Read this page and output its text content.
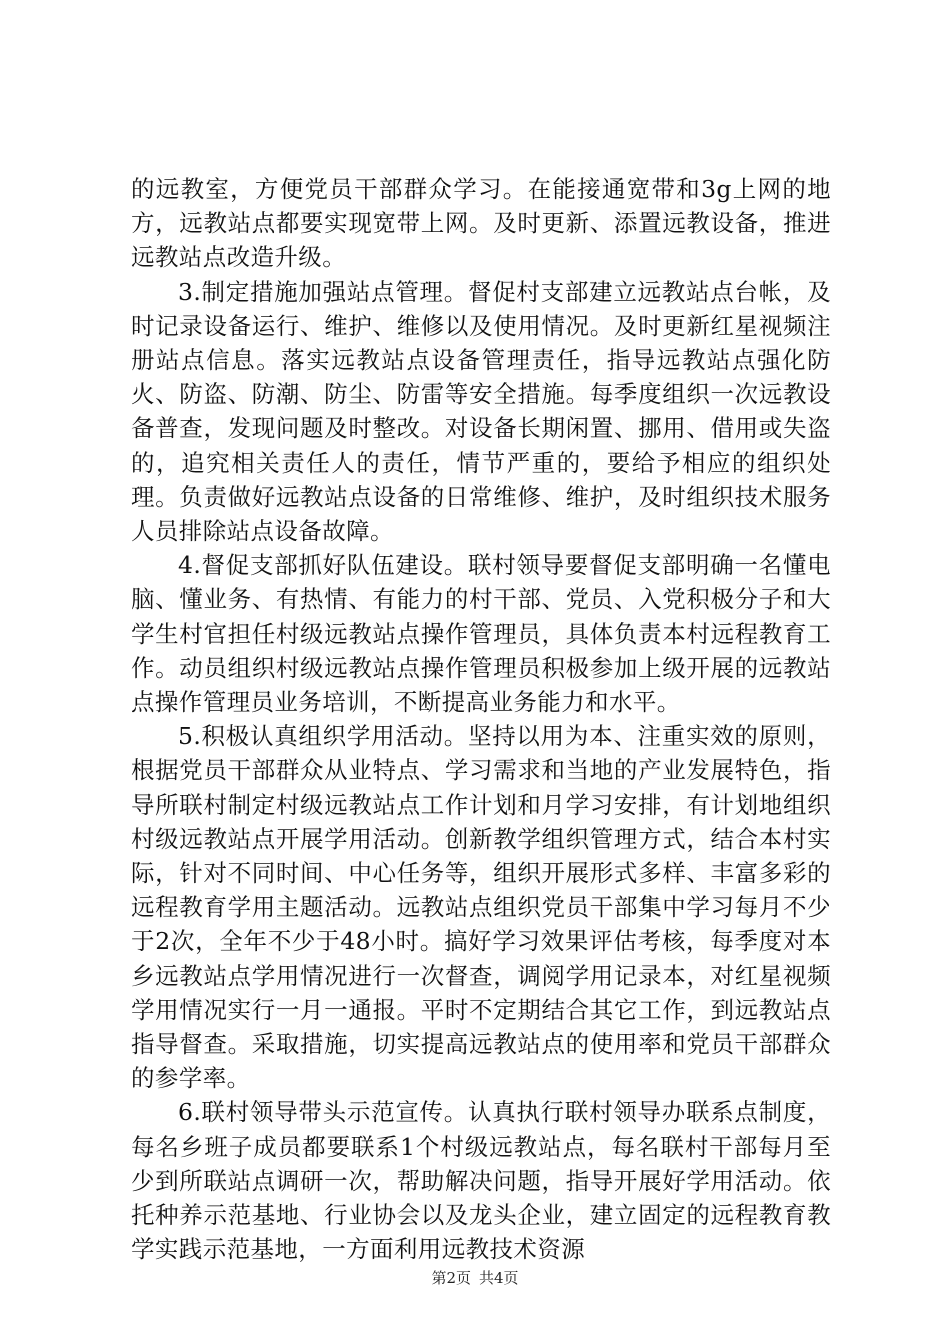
的远教室，方便党员干部群众学习。在能接通宽带和3g上网的地方，远教站点都要实现宽带上网。及时更新、添置远教设备，推进远教站点改造升级。

3.制定措施加强站点管理。督促村支部建立远教站点台帐，及时记录设备运行、维护、维修以及使用情况。及时更新红星视频注册站点信息。落实远教站点设备管理责任，指导远教站点强化防火、防盗、防潮、防尘、防雷等安全措施。每季度组织一次远教设备普查，发现问题及时整改。对设备长期闲置、挪用、借用或失盗的，追究相关责任人的责任，情节严重的，要给予相应的组织处理。负责做好远教站点设备的日常维修、维护，及时组织技术服务人员排除站点设备故障。

4.督促支部抓好队伍建设。联村领导要督促支部明确一名懂电脑、懂业务、有热情、有能力的村干部、党员、入党积极分子和大学生村官担任村级远教站点操作管理员，具体负责本村远程教育工作。动员组织村级远教站点操作管理员积极参加上级开展的远教站点操作管理员业务培训，不断提高业务能力和水平。

5.积极认真组织学用活动。坚持以用为本、注重实效的原则，根据党员干部群众从业特点、学习需求和当地的产业发展特色，指导所联村制定村级远教站点工作计划和月学习安排，有计划地组织村级远教站点开展学用活动。创新教学组织管理方式，结合本村实际，针对不同时间、中心任务等，组织开展形式多样、丰富多彩的远程教育学用主题活动。远教站点组织党员干部集中学习每月不少于2次，全年不少于48小时。搞好学习效果评估考核，每季度对本乡远教站点学用情况进行一次督查，调阅学用记录本，对红星视频学用情况实行一月一通报。平时不定期结合其它工作，到远教站点指导督查。采取措施，切实提高远教站点的使用率和党员干部群众的参学率。

6.联村领导带头示范宣传。认真执行联村领导办联系点制度，每名乡班子成员都要联系1个村级远教站点，每名联村干部每月至少到所联站点调研一次，帮助解决问题，指导开展好学用活动。依托种养示范基地、行业协会以及龙头企业，建立固定的远程教育教学实践示范基地，一方面利用远教技术资源

第2页 共4页
